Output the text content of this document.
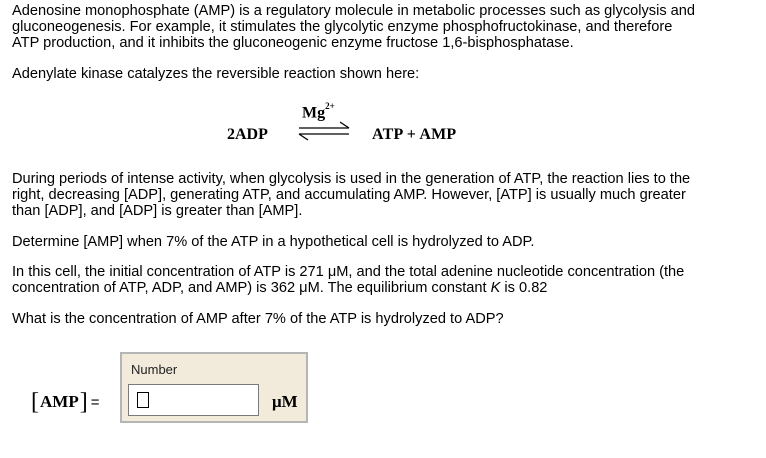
Adenosine monophosphate (AMP) is a regulatory molecule in metabolic processes such as glycolysis and
gluconeogenesis. For example, it stimulates the glycolytic enzyme phosphofructokinase, and therefore
ATP production, and it inhibits the gluconeogenic enzyme fructose 1,6-bisphosphatase.

Adenylate kinase catalyzes the reversible reaction shown here:

2ADP
$Mg^{2+}$
⇌ ATP + AMP

During periods of intense activity, when glycolysis is used in the generation of ATP, the reaction lies to the
right, decreasing [ADP], generating ATP, and accumulating AMP. However, [ATP] is usually much greater
than [ADP], and [ADP] is greater than [AMP].

Determine [AMP] when 7% of the ATP in a hypothetical cell is hydrolyzed to ADP.

In this cell, the initial concentration of ATP is 271 μM, and the total adenine nucleotide concentration (the
concentration of ATP, ADP, and AMP) is 362 μM. The equilibrium constant K is 0.82

What is the concentration of AMP after 7% of the ATP is hydrolyzed to ADP?

[ AMP ] =
Number
μM
